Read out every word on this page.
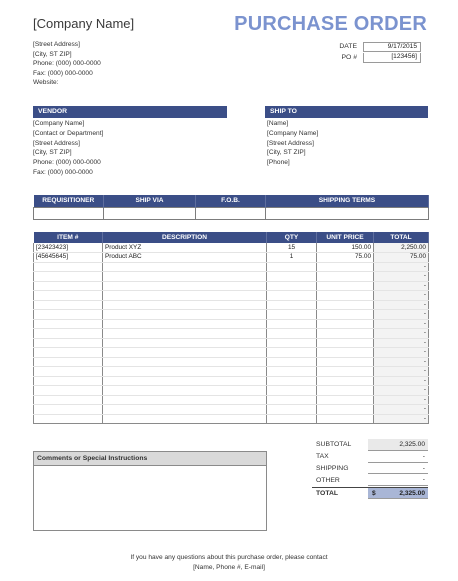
[Company Name]	PURCHASE ORDER
[Street Address]
[City, ST ZIP]
Phone: (000) 000-0000
Fax: (000) 000-0000
Website:
DATE	9/17/2015
PO #	[123456]
VENDOR
[Company Name]
[Contact or Department]
[Street Address]
[City, ST ZIP]
Phone: (000) 000-0000
Fax: (000) 000-0000
SHIP TO
[Name]
[Company Name]
[Street Address]
[City, ST ZIP]
[Phone]
REQUISITIONER	SHIP VIA	F.O.B.	SHIPPING TERMS

ITEM #	DESCRIPTION	QTY	UNIT PRICE	TOTAL
[23423423]	Product XYZ	15	150.00	2,250.00
[45645645]	Product ABC	1	75.00	75.00
				-
				-
				-
				-
				-
				-
				-
				-
				-
				-
				-
				-
				-
				-
				-
				-
				-
SUBTOTAL	2,325.00
TAX	-
SHIPPING	-
OTHER	-
TOTAL	$	2,325.00
Comments or Special Instructions
If you have any questions about this purchase order, please contact
[Name, Phone #, E-mail]
